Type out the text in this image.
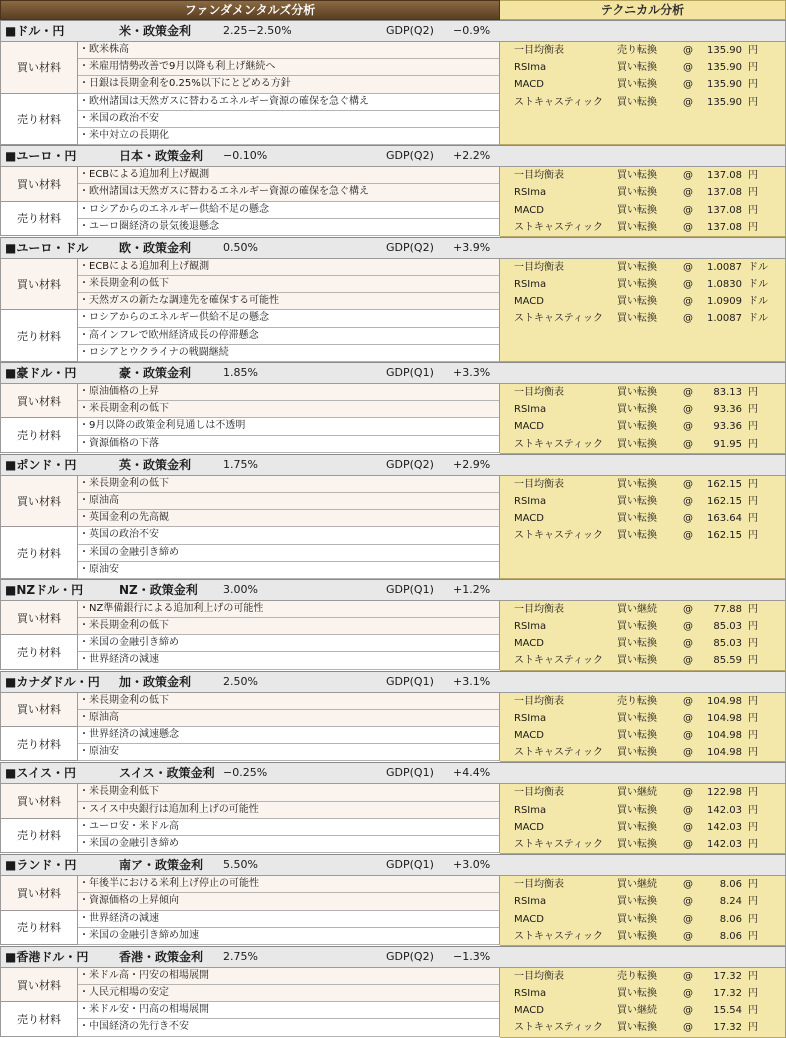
ファンダメンタルズ分析	テクニカル分析
■ドル・円	米・政策金利	2.25−2.50%	GDP(Q2) −0.9%
買い材料
・欧米株高
・米雇用情勢改善で9月以降も利上げ継続へ
・日銀は長期金利を0.25%以下にとどめる方針
売り材料
・欧州諸国は天然ガスに替わるエネルギー資源の確保を急ぐ構え
・米国の政治不安
・米中対立の長期化
一目均衡表	売り転換	@ 135.90 円
RSIma	買い転換	@ 135.90 円
MACD	買い転換	@ 135.90 円
ストキャスティック 買い転換	@ 135.90 円
■ユーロ・円	日本・政策金利 −0.10%	GDP(Q2) +2.2%
買い材料
・ECBによる追加利上げ観測
・欧州諸国は天然ガスに替わるエネルギー資源の確保を急ぐ構え
売り材料
・ロシアからのエネルギー供給不足の懸念
・ユーロ圏経済の景気後退懸念
一目均衡表	買い転換	@ 137.08 円
RSIma	買い転換	@ 137.08 円
MACD	買い転換	@ 137.08 円
ストキャスティック 買い転換	@ 137.08 円
■ユーロ・ドル	欧・政策金利	0.50%	GDP(Q2) +3.9%
買い材料
・ECBによる追加利上げ観測
・米長期金利の低下
・天然ガスの新たな調達先を確保する可能性
売り材料
・ロシアからのエネルギー供給不足の懸念
・高インフレで欧州経済成長の停滞懸念
・ロシアとウクライナの戦闘継続
一目均衡表	買い転換	@ 1.0087 ドル
RSIma	買い転換	@ 1.0830 ドル
MACD	買い転換	@ 1.0909 ドル
ストキャスティック 買い転換	@ 1.0087 ドル
■豪ドル・円	豪・政策金利	1.85%	GDP(Q1) +3.3%
買い材料
・原油価格の上昇
・米長期金利の低下
売り材料
・9月以降の政策金利見通しは不透明
・資源価格の下落
一目均衡表	買い転換	@ 83.13 円
RSIma	買い転換	@ 93.36 円
MACD	買い転換	@ 93.36 円
ストキャスティック 買い転換	@ 91.95 円
■ポンド・円	英・政策金利	1.75%	GDP(Q2) +2.9%
買い材料
・米長期金利の低下
・原油高
・英国金利の先高観
売り材料
・英国の政治不安
・米国の金融引き締め
・原油安
一目均衡表	買い転換	@ 162.15 円
RSIma	買い転換	@ 162.15 円
MACD	買い転換	@ 163.64 円
ストキャスティック 買い転換	@ 162.15 円
■NZドル・円	NZ・政策金利 3.00%	GDP(Q1) +1.2%
買い材料
・NZ準備銀行による追加利上げの可能性
・米長期金利の低下
売り材料
・米国の金融引き締め
・世界経済の減速
一目均衡表	買い継続	@ 77.88 円
RSIma	買い転換	@ 85.03 円
MACD	買い転換	@ 85.03 円
ストキャスティック 買い転換	@ 85.59 円
■カナダドル・円 加・政策金利	2.50%	GDP(Q1) +3.1%
買い材料
・米長期金利の低下
・原油高
売り材料
・世界経済の減速懸念
・原油安
一目均衡表	売り転換	@ 104.98 円
RSIma	買い転換	@ 104.98 円
MACD	買い転換	@ 104.98 円
ストキャスティック 買い転換	@ 104.98 円
■スイス・円	スイス・政策金利 −0.25%	GDP(Q1) +4.4%
買い材料
・米長期金利低下
・スイス中央銀行は追加利上げの可能性
売り材料
・ユーロ安・米ドル高
・米国の金融引き締め
一目均衡表	買い継続	@ 122.98 円
RSIma	買い転換	@ 142.03 円
MACD	買い転換	@ 142.03 円
ストキャスティック 買い転換	@ 142.03 円
■ランド・円	南ア・政策金利 5.50%	GDP(Q1) +3.0%
買い材料
・年後半における米利上げ停止の可能性
・資源価格の上昇傾向
売り材料
・世界経済の減速
・米国の金融引き締め加速
一目均衡表	買い継続	@	8.06 円
RSIma	買い転換	@	8.24 円
MACD	買い転換	@	8.06 円
ストキャスティック 買い転換	@	8.06 円
■香港ドル・円	香港・政策金利 2.75%	GDP(Q2) −1.3%
買い材料
・米ドル高・円安の相場展開
・人民元相場の安定
売り材料
・米ドル安・円高の相場展開
・中国経済の先行き不安
一目均衡表	売り転換	@ 17.32 円
RSIma	買い転換	@ 17.32 円
MACD	買い継続	@ 15.54 円
ストキャスティック 買い転換	@ 17.32 円
